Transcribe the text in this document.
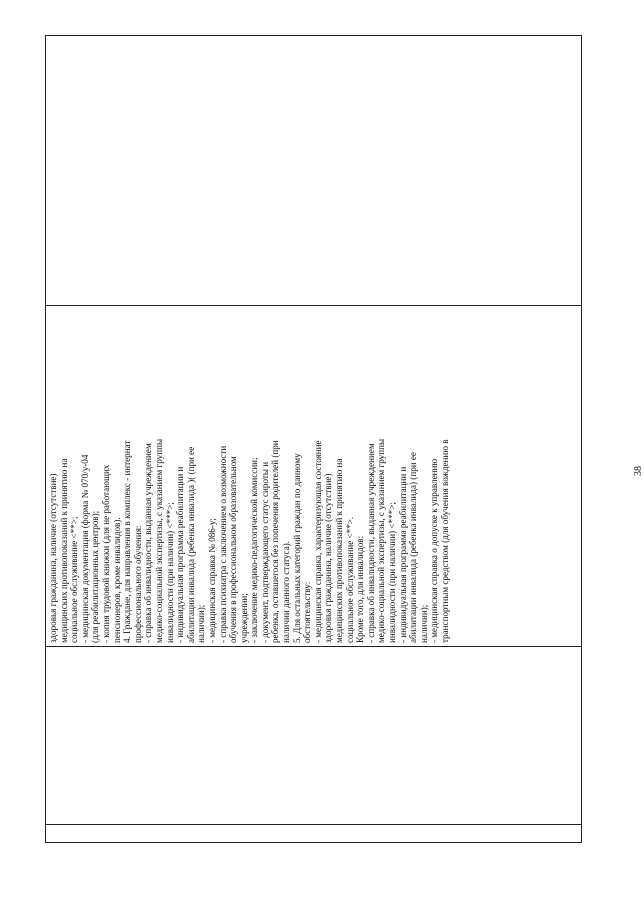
здоровья гражданина, наличие (отсутствие) медицинских противопоказаний к принятию на социальное обслуживание <**>; - медицинская документация (форма № 070/у-04 (для реабилитационных центров); - копия трудовой книжки (для не работающих пенсионеров, кроме инвалидов). 4. Граждане, для направления в комплекс - интернат профессионального обучения: - справка об инвалидности, выданная учреждением медико-социальной экспертизы, с указанием группы инвалидности (при наличии) <***>; - индивидуальная программа реабилитации и абилитации инвалида (ребенка инвалида )( (при ее наличии); - медицинская справка № 086-у; - справка психиатра с заключением о возможности обучения в профессиональном образовательном учреждении; - заключение медико-педагогической комиссии; - документ, подтверждающего статус сироты и ребенка, оставшегося без попечения родителей (при наличии данного статуса). 5. Для остальных категорий граждан по данному обстоятельству: - медицинская справка, характеризующая состояние здоровья гражданина, наличие (отсутствие) медицинских противопоказаний к принятию на социальное обслуживание <**>. Кроме того, для инвалидов: - справка об инвалидности, выданная учреждением медико-социальной экспертизы, с указанием группы инвалидности (при наличии) <***>; - индивидуальная программа реабилитации и абилитации инвалида (ребенка инвалида) (при ее наличии); - медицинская справка о допуске к управлению транспортным средством (для обучения вождению в
		38
